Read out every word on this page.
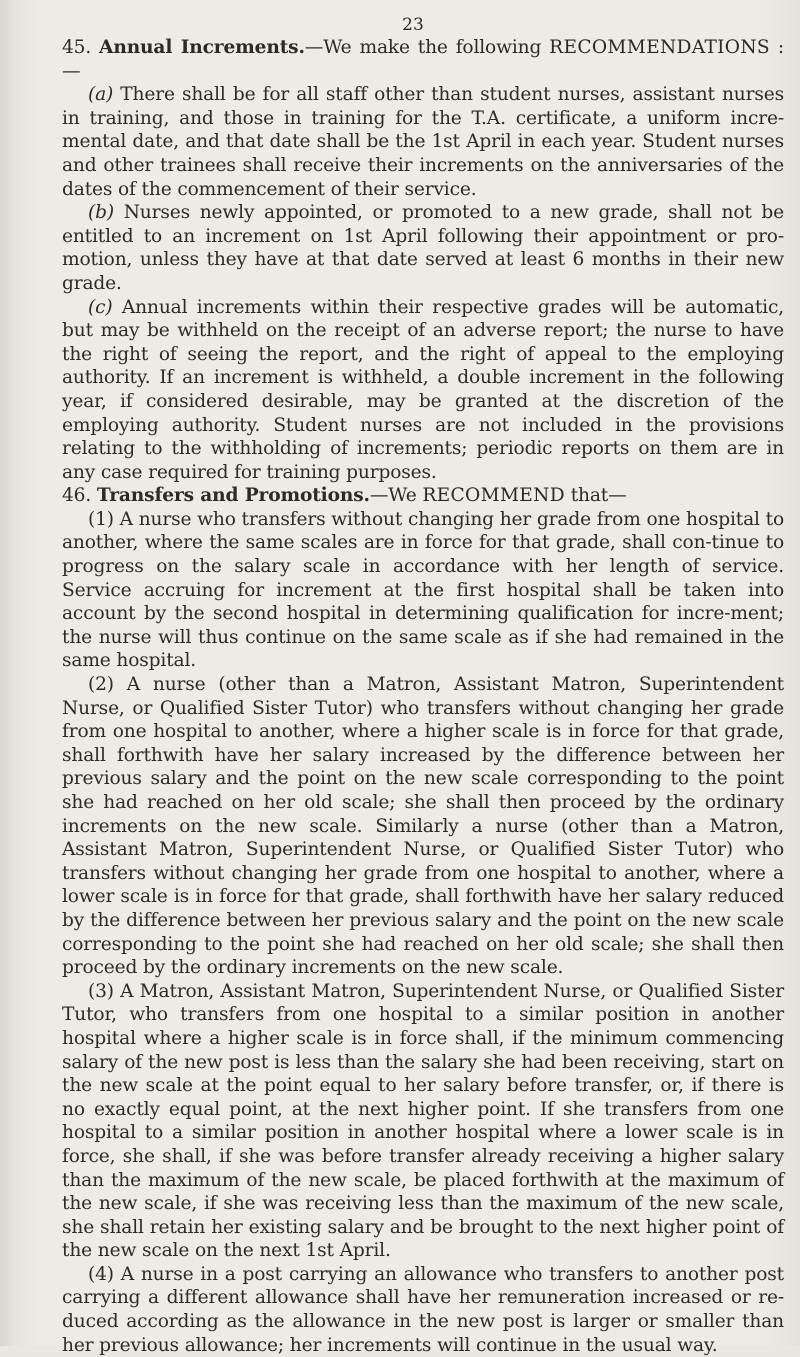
23

45. Annual Increments.—We make the following RECOMMENDATIONS : —

(a) There shall be for all staff other than student nurses, assistant nurses in training, and those in training for the T.A. certificate, a uniform incre-mental date, and that date shall be the 1st April in each year. Student nurses and other trainees shall receive their increments on the anniversaries of the dates of the commencement of their service.

(b) Nurses newly appointed, or promoted to a new grade, shall not be entitled to an increment on 1st April following their appointment or pro-motion, unless they have at that date served at least 6 months in their new grade.

(c) Annual increments within their respective grades will be automatic, but may be withheld on the receipt of an adverse report; the nurse to have the right of seeing the report, and the right of appeal to the employing authority. If an increment is withheld, a double increment in the following year, if considered desirable, may be granted at the discretion of the employing authority. Student nurses are not included in the provisions relating to the withholding of increments; periodic reports on them are in any case required for training purposes.

46. Transfers and Promotions.—We RECOMMEND that—

(1) A nurse who transfers without changing her grade from one hospital to another, where the same scales are in force for that grade, shall con-tinue to progress on the salary scale in accordance with her length of service. Service accruing for increment at the first hospital shall be taken into account by the second hospital in determining qualification for incre-ment; the nurse will thus continue on the same scale as if she had remained in the same hospital.

(2) A nurse (other than a Matron, Assistant Matron, Superintendent Nurse, or Qualified Sister Tutor) who transfers without changing her grade from one hospital to another, where a higher scale is in force for that grade, shall forthwith have her salary increased by the difference between her previous salary and the point on the new scale corresponding to the point she had reached on her old scale; she shall then proceed by the ordinary increments on the new scale. Similarly a nurse (other than a Matron, Assistant Matron, Superintendent Nurse, or Qualified Sister Tutor) who transfers without changing her grade from one hospital to another, where a lower scale is in force for that grade, shall forthwith have her salary reduced by the difference between her previous salary and the point on the new scale corresponding to the point she had reached on her old scale; she shall then proceed by the ordinary increments on the new scale.

(3) A Matron, Assistant Matron, Superintendent Nurse, or Qualified Sister Tutor, who transfers from one hospital to a similar position in another hospital where a higher scale is in force shall, if the minimum commencing salary of the new post is less than the salary she had been receiving, start on the new scale at the point equal to her salary before transfer, or, if there is no exactly equal point, at the next higher point. If she transfers from one hospital to a similar position in another hospital where a lower scale is in force, she shall, if she was before transfer already receiving a higher salary than the maximum of the new scale, be placed forthwith at the maximum of the new scale, if she was receiving less than the maximum of the new scale, she shall retain her existing salary and be brought to the next higher point of the new scale on the next 1st April.

(4) A nurse in a post carrying an allowance who transfers to another post carrying a different allowance shall have her remuneration increased or re-duced according as the allowance in the new post is larger or smaller than her previous allowance; her increments will continue in the usual way.
